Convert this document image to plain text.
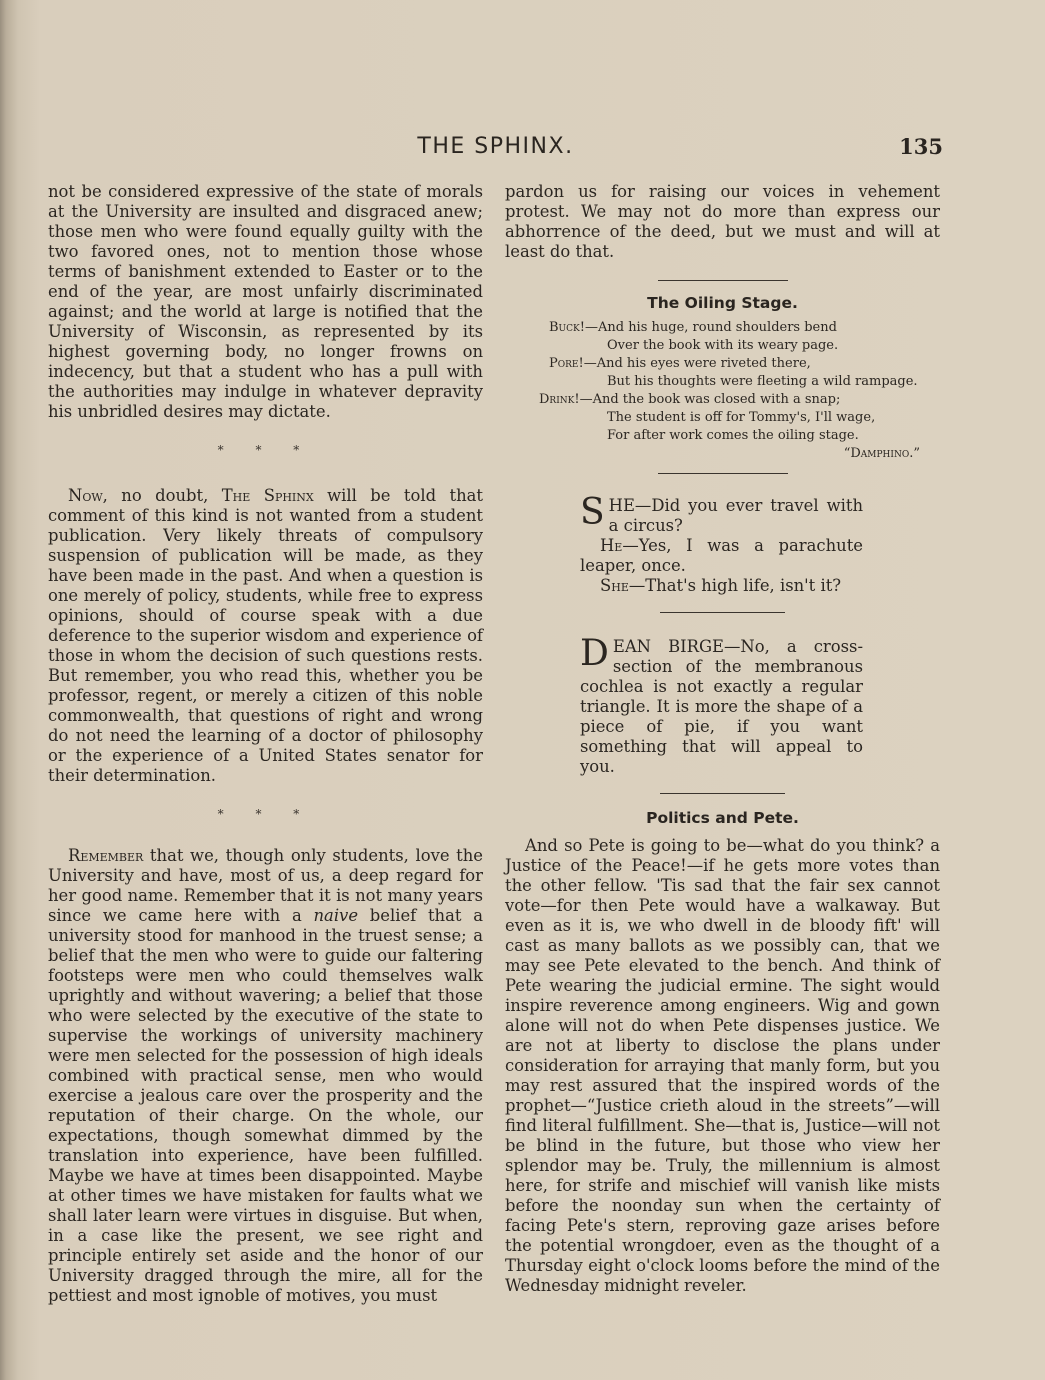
THE SPHINX.	135

not be considered expressive of the state of morals at the University are insulted and disgraced anew; those men who were found equally guilty with the two favored ones, not to mention those whose terms of banishment extended to Easter or to the end of the year, are most unfairly discriminated against; and the world at large is notified that the University of Wisconsin, as represented by its highest governing body, no longer frowns on indecency, but that a student who has a pull with the authorities may indulge in whatever depravity his unbridled desires may dictate.

* * *

Now, no doubt, The Sphinx will be told that comment of this kind is not wanted from a student publication. Very likely threats of compulsory suspension of publication will be made, as they have been made in the past. And when a question is one merely of policy, students, while free to express opinions, should of course speak with a due deference to the superior wisdom and experience of those in whom the decision of such questions rests. But remember, you who read this, whether you be professor, regent, or merely a citizen of this noble commonwealth, that questions of right and wrong do not need the learning of a doctor of philosophy or the experience of a United States senator for their determination.

* * *

Remember that we, though only students, love the University and have, most of us, a deep regard for her good name. Remember that it is not many years since we came here with a naive belief that a university stood for manhood in the truest sense; a belief that the men who were to guide our faltering footsteps were men who could themselves walk uprightly and without wavering; a belief that those who were selected by the executive of the state to supervise the workings of university machinery were men selected for the possession of high ideals combined with practical sense, men who would exercise a jealous care over the prosperity and the reputation of their charge. On the whole, our expectations, though somewhat dimmed by the translation into experience, have been fulfilled. Maybe we have at times been disappointed. Maybe at other times we have mistaken for faults what we shall later learn were virtues in disguise. But when, in a case like the present, we see right and principle entirely set aside and the honor of our University dragged through the mire, all for the pettiest and most ignoble of motives, you must

pardon us for raising our voices in vehement protest. We may not do more than express our abhorrence of the deed, but we must and will at least do that.

The Oiling Stage.
Buck!—And his huge, round shoulders bend
Over the book with its weary page.
Pore!—And his eyes were riveted there,
But his thoughts were fleeting a wild rampage.
Drink!—And the book was closed with a snap;
The student is off for Tommy's, I'll wage,
For after work comes the oiling stage.
“Damphino.”

SHE—Did you ever travel with a circus?

He—Yes, I was a parachute leaper, once.

She—That's high life, isn't it?

DEAN BIRGE—No, a cross-section of the membranous cochlea is not exactly a regular triangle. It is more the shape of a piece of pie, if you want something that will appeal to you.

Politics and Pete.

And so Pete is going to be—what do you think? a Justice of the Peace!—if he gets more votes than the other fellow. 'Tis sad that the fair sex cannot vote—for then Pete would have a walkaway. But even as it is, we who dwell in de bloody fift' will cast as many ballots as we possibly can, that we may see Pete elevated to the bench. And think of Pete wearing the judicial ermine. The sight would inspire reverence among engineers. Wig and gown alone will not do when Pete dispenses justice. We are not at liberty to disclose the plans under consideration for arraying that manly form, but you may rest assured that the inspired words of the prophet—“Justice crieth aloud in the streets”—will find literal fulfillment. She—that is, Justice—will not be blind in the future, but those who view her splendor may be. Truly, the millennium is almost here, for strife and mischief will vanish like mists before the noonday sun when the certainty of facing Pete's stern, reproving gaze arises before the potential wrongdoer, even as the thought of a Thursday eight o'clock looms before the mind of the Wednesday midnight reveler.
